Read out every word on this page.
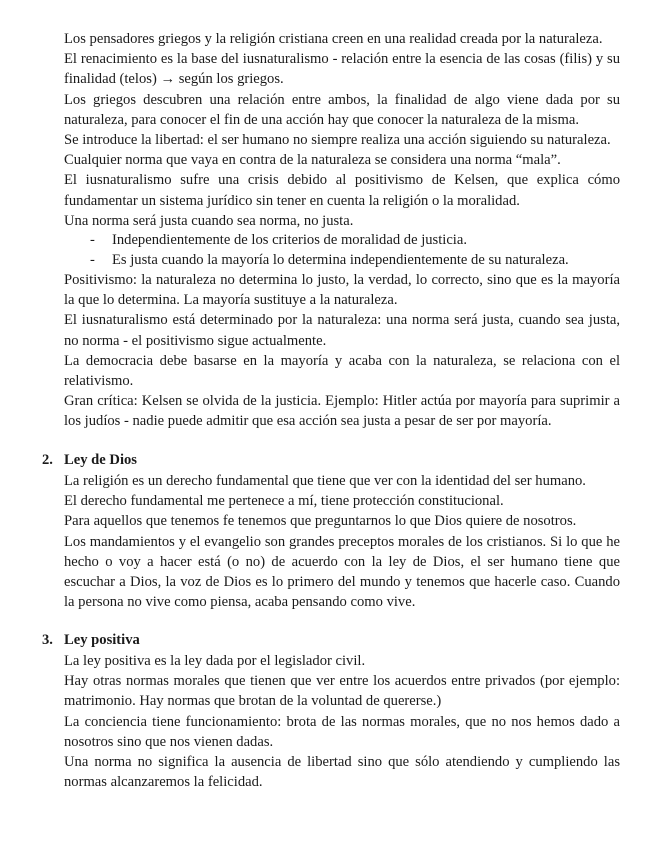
Los pensadores griegos y la religión cristiana creen en una realidad creada por la naturaleza.

El renacimiento es la base del iusnaturalismo - relación entre la esencia de las cosas (filis) y su finalidad (telos) → según los griegos.

Los griegos descubren una relación entre ambos, la finalidad de algo viene dada por su naturaleza, para conocer el fin de una acción hay que conocer la naturaleza de la misma.

Se introduce la libertad: el ser humano no siempre realiza una acción siguiendo su naturaleza.

Cualquier norma que vaya en contra de la naturaleza se considera una norma “mala”.

El iusnaturalismo sufre una crisis debido al positivismo de Kelsen, que explica cómo fundamentar un sistema jurídico sin tener en cuenta la religión o la moralidad.

Una norma será justa cuando sea norma, no justa.

- Independientemente de los criterios de moralidad de justicia.

- Es justa cuando la mayoría lo determina independientemente de su naturaleza.

Positivismo: la naturaleza no determina lo justo, la verdad, lo correcto, sino que es la mayoría la que lo determina. La mayoría sustituye a la naturaleza.

El iusnaturalismo está determinado por la naturaleza: una norma será justa, cuando sea justa, no norma - el positivismo sigue actualmente.

La democracia debe basarse en la mayoría y acaba con la naturaleza, se relaciona con el relativismo.

Gran crítica: Kelsen se olvida de la justicia. Ejemplo: Hitler actúa por mayoría para suprimir a los judíos - nadie puede admitir que esa acción sea justa a pesar de ser por mayoría.

2. Ley de Dios

La religión es un derecho fundamental que tiene que ver con la identidad del ser humano.

El derecho fundamental me pertenece a mí, tiene protección constitucional.

Para aquellos que tenemos fe tenemos que preguntarnos lo que Dios quiere de nosotros.

Los mandamientos y el evangelio son grandes preceptos morales de los cristianos. Si lo que he hecho o voy a hacer está (o no) de acuerdo con la ley de Dios, el ser humano tiene que escuchar a Dios, la voz de Dios es lo primero del mundo y tenemos que hacerle caso. Cuando la persona no vive como piensa, acaba pensando como vive.

3. Ley positiva

La ley positiva es la ley dada por el legislador civil.

Hay otras normas morales que tienen que ver entre los acuerdos entre privados (por ejemplo: matrimonio. Hay normas que brotan de la voluntad de quererse.)

La conciencia tiene funcionamiento: brota de las normas morales, que no nos hemos dado a nosotros sino que nos vienen dadas.

Una norma no significa la ausencia de libertad sino que sólo atendiendo y cumpliendo las normas alcanzaremos la felicidad.
